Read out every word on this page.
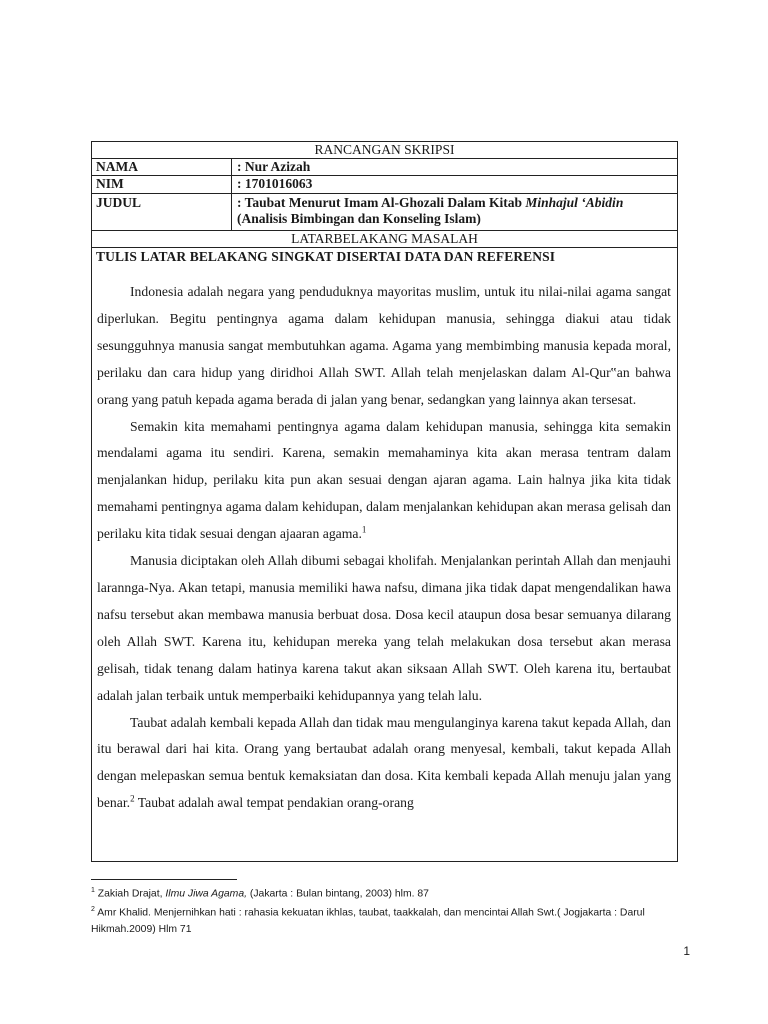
RANCANGAN SKRIPSI
NAMA	: Nur Azizah
NIM	: 1701016063
JUDUL	: Taubat Menurut Imam Al-Ghozali Dalam Kitab Minhajul ‘Abidin
(Analisis Bimbingan dan Konseling Islam)
LATARBELAKANG MASALAH
TULIS LATAR BELAKANG SINGKAT DISERTAI DATA DAN REFERENSI

Indonesia adalah negara yang penduduknya mayoritas muslim, untuk itu nilai-nilai agama sangat diperlukan. Begitu pentingnya agama dalam kehidupan manusia, sehingga diakui atau tidak sesungguhnya manusia sangat membutuhkan agama. Agama yang membimbing manusia kepada moral, perilaku dan cara hidup yang diridhoi Allah SWT. Allah telah menjelaskan dalam Al-Qur‟an bahwa orang yang patuh kepada agama berada di jalan yang benar, sedangkan yang lainnya akan tersesat.

Semakin kita memahami pentingnya agama dalam kehidupan manusia, sehingga kita semakin mendalami agama itu sendiri. Karena, semakin memahaminya kita akan merasa tentram dalam menjalankan hidup, perilaku kita pun akan sesuai dengan ajaran agama. Lain halnya jika kita tidak memahami pentingnya agama dalam kehidupan, dalam menjalankan kehidupan akan merasa gelisah dan perilaku kita tidak sesuai dengan ajaaran agama.$^1$

Manusia diciptakan oleh Allah dibumi sebagai kholifah. Menjalankan perintah Allah dan menjauhi larannga-Nya. Akan tetapi, manusia memiliki hawa nafsu, dimana jika tidak dapat mengendalikan hawa nafsu tersebut akan membawa manusia berbuat dosa. Dosa kecil ataupun dosa besar semuanya dilarang oleh Allah SWT. Karena itu, kehidupan mereka yang telah melakukan dosa tersebut akan merasa gelisah, tidak tenang dalam hatinya karena takut akan siksaan Allah SWT. Oleh karena itu, bertaubat adalah jalan terbaik untuk memperbaiki kehidupannya yang telah lalu.

Taubat adalah kembali kepada Allah dan tidak mau mengulanginya karena takut kepada Allah, dan itu berawal dari hai kita. Orang yang bertaubat adalah orang menyesal, kembali, takut kepada Allah dengan melepaskan semua bentuk kemaksiatan dan dosa. Kita kembali kepada Allah menuju jalan yang benar.$^2$ Taubat adalah awal tempat pendakian orang-orang

$^1$ Zakiah Drajat, Ilmu Jiwa Agama, (Jakarta : Bulan bintang, 2003) hlm. 87
$^2$ Amr Khalid. Menjernihkan hati : rahasia kekuatan ikhlas, taubat, taakkalah, dan mencintai Allah Swt.( Jogjakarta : Darul Hikmah.2009) Hlm 71
1
